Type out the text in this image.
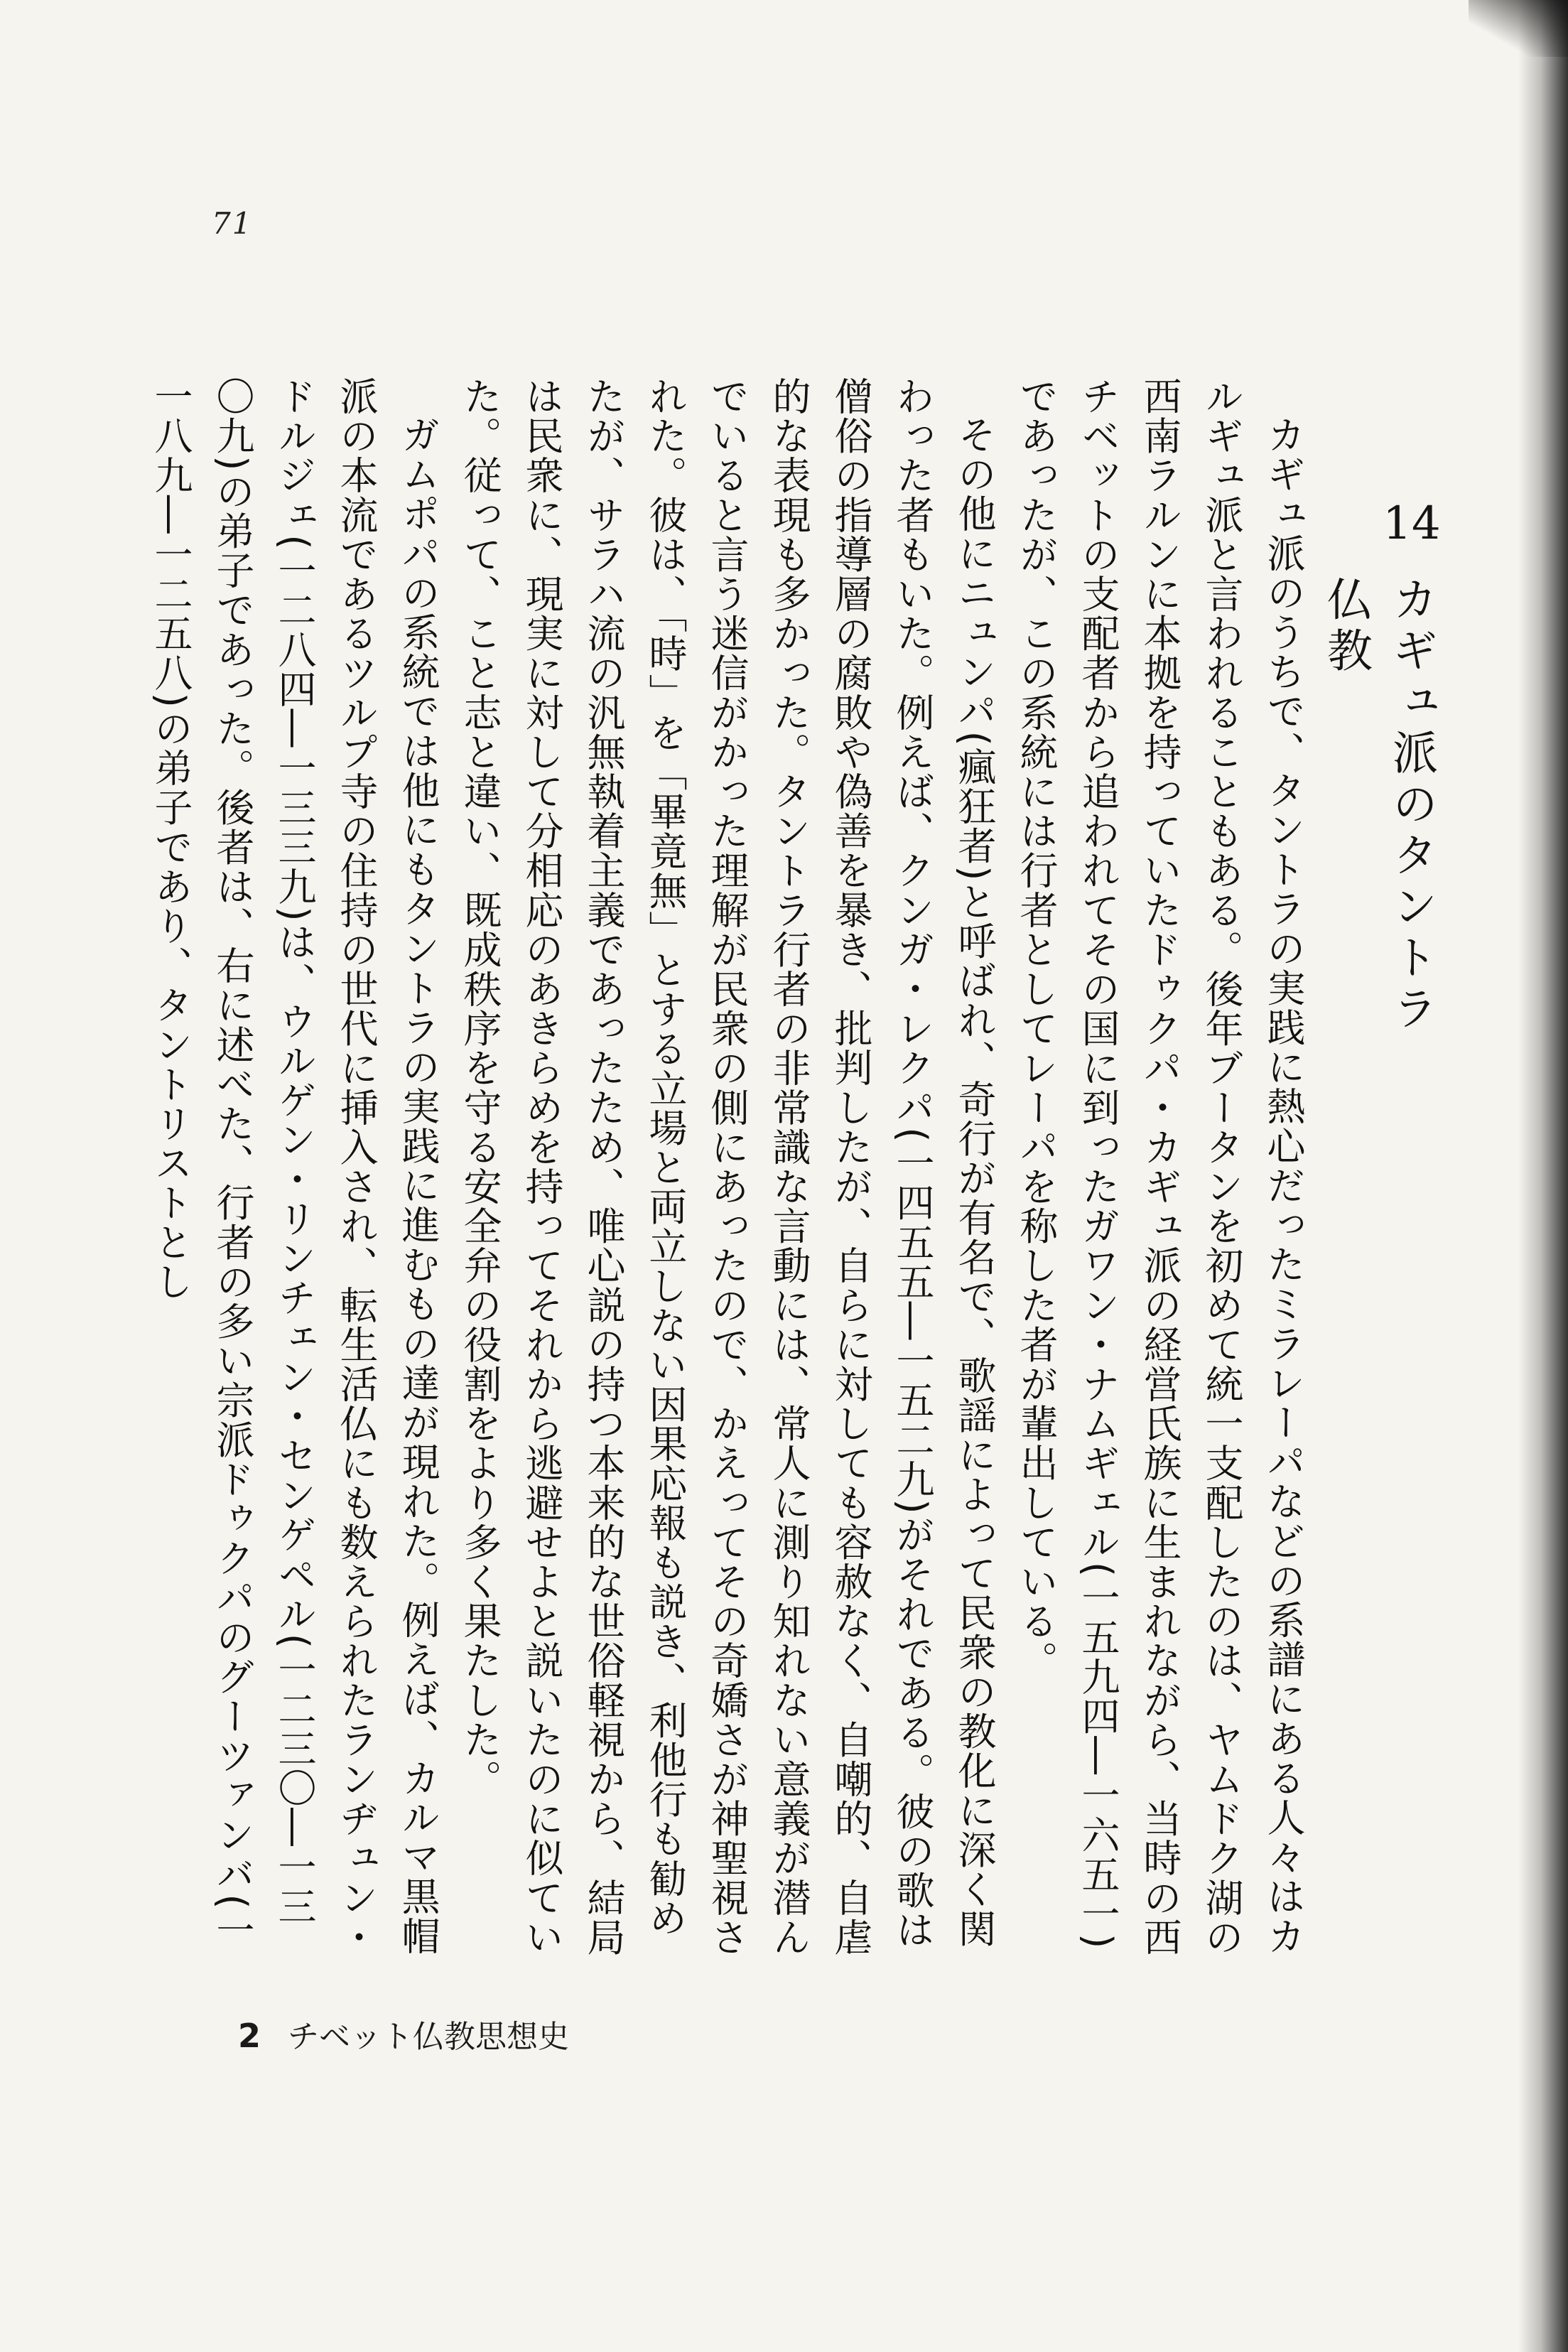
71
14
カギュ派のタントラ仏教

カギュ派のうちで、タントラの実践に熱心だったミラレーパなどの系譜にある人々はカルギュ派と言われることもある。後年ブータンを初めて統一支配したのは、ヤムドク湖の西南ラルンに本拠を持っていたドゥクパ・カギュ派の経営氏族に生まれながら、当時の西チベットの支配者から追われてその国に到ったガワン・ナムギェル(一五九四―一六五一)であったが、この系統には行者としてレーパを称した者が輩出している。

その他にニュンパ(瘋狂者)と呼ばれ、奇行が有名で、歌謡によって民衆の教化に深く関わった者もいた。例えば、クンガ・レクパ(一四五五―一五二九)がそれである。彼の歌は僧俗の指導層の腐敗や偽善を暴き、批判したが、自らに対しても容赦なく、自嘲的、自虐的な表現も多かった。タントラ行者の非常識な言動には、常人に測り知れない意義が潜んでいると言う迷信がかった理解が民衆の側にあったので、かえってその奇嬌さが神聖視された。彼は、「時」を「畢竟無」とする立場と両立しない因果応報も説き、利他行も勧めたが、サラハ流の汎無執着主義であったため、唯心説の持つ本来的な世俗軽視から、結局は民衆に、現実に対して分相応のあきらめを持ってそれから逃避せよと説いたのに似ていた。従って、こと志と違い、既成秩序を守る安全弁の役割をより多く果たした。

ガムポパの系統では他にもタントラの実践に進むもの達が現れた。例えば、カルマ黒帽派の本流であるツルプ寺の住持の世代に挿入され、転生活仏にも数えられたランヂュン・ドルジェ(一二八四―一三三九)は、ウルゲン・リンチェン・センゲペル(一二三〇―一三〇九)の弟子であった。後者は、右に述べた、行者の多い宗派ドゥクパのグーツァンバ(一一八九―一二五八)の弟子であり、タントリストとし

2 チベット仏教思想史
